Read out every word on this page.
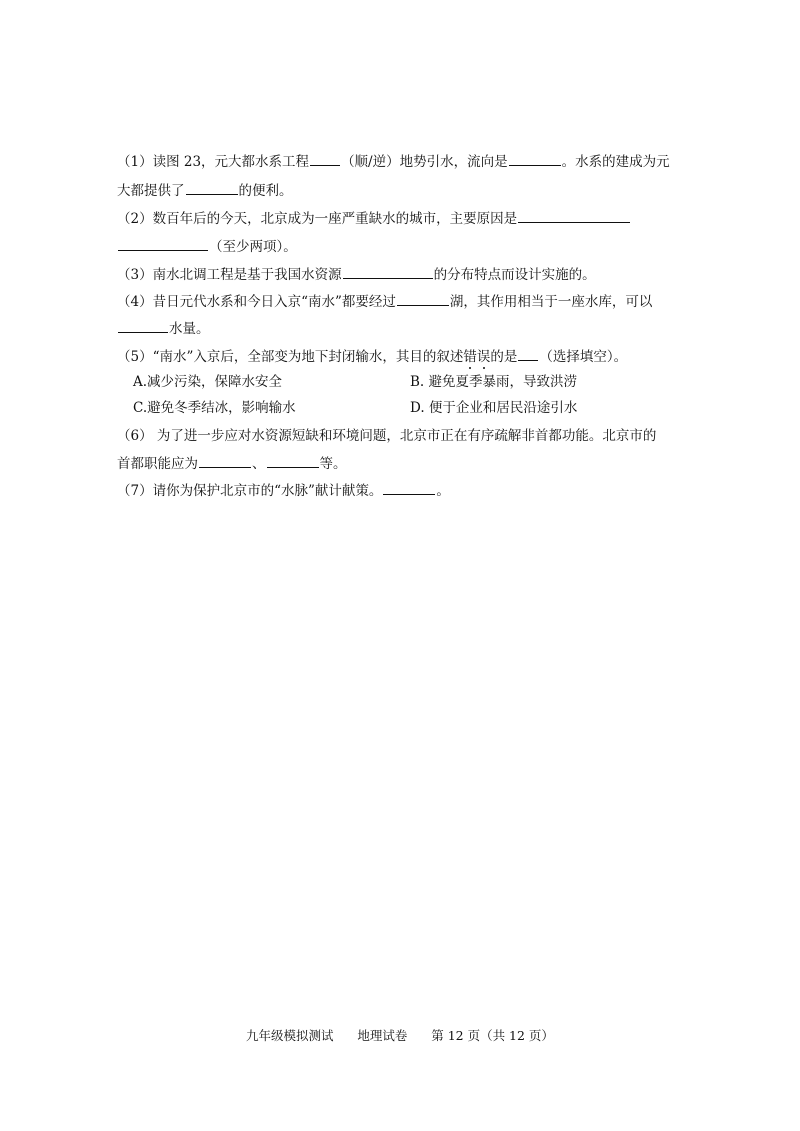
（1）读图 23，元大都水系工程 （顺/逆）地势引水，流向是	。水系的建成为元
大都提供了	的便利。
（2）数百年后的今天，北京成为一座严重缺水的城市，主要原因是
（至少两项）。
（3）南水北调工程是基于我国水资源	的分布特点而设计实施的。
（4）昔日元代水系和今日入京“南水”都要经过	湖，其作用相当于一座水库，可以
水量。
（5）“南水”入京后，全部变为地下封闭输水，其目的叙述错误的是 （选择填空）。
A.减少污染，保障水安全	B. 避免夏季暴雨，导致洪涝
C.避免冬季结冰，影响输水	D. 便于企业和居民沿途引水
（6） 为了进一步应对水资源短缺和环境问题，北京市正在有序疏解非首都功能。北京市的
首都职能应为	、	等。
（7）请你为保护北京市的“水脉”献计献策。	。
九年级模拟测试      地理试卷      第 12 页（共 12 页）
